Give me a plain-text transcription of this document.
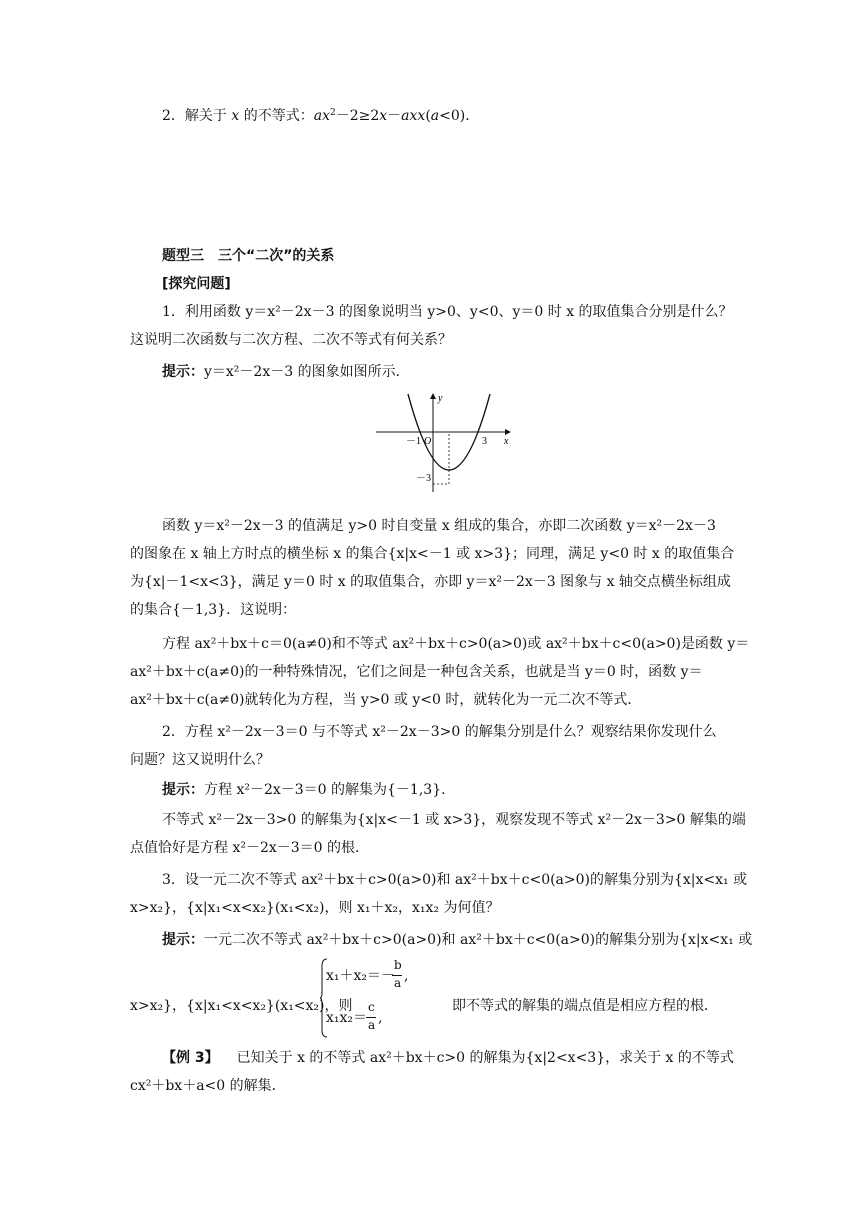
2．解关于 x 的不等式：$ax^2-2\ge 2x-axx(a<0)$．
题型三　三个“二次”的关系
[探究问题]
1．利用函数 y＝x²－2x－3 的图象说明当 y>0、y<0、y＝0 时 x 的取值集合分别是什么？
这说明二次函数与二次方程、二次不等式有何关系？
提示：y＝x²－2x－3 的图象如图所示．
y
x
O
－1	3
－3
函数 y＝x²－2x－3 的值满足 y>0 时自变量 x 组成的集合，亦即二次函数 y＝x²－2x－3
的图象在 x 轴上方时点的横坐标 x 的集合{x|x<－1 或 x>3}；同理，满足 y<0 时 x 的取值集合
为{x|－1<x<3}，满足 y＝0 时 x 的取值集合，亦即 y＝x²－2x－3 图象与 x 轴交点横坐标组成
的集合{－1,3}．这说明：
方程 ax²＋bx＋c＝0(a≠0)和不等式 ax²＋bx＋c>0(a>0)或 ax²＋bx＋c<0(a>0)是函数 y＝
ax²＋bx＋c(a≠0)的一种特殊情况，它们之间是一种包含关系，也就是当 y＝0 时，函数 y＝
ax²＋bx＋c(a≠0)就转化为方程，当 y>0 或 y<0 时，就转化为一元二次不等式．
2．方程 x²－2x－3＝0 与不等式 x²－2x－3>0 的解集分别是什么？观察结果你发现什么
问题？这又说明什么？
提示：方程 x²－2x－3＝0 的解集为{－1,3}．
不等式 x²－2x－3>0 的解集为{x|x<－1 或 x>3}，观察发现不等式 x²－2x－3>0 解集的端
点值恰好是方程 x²－2x－3＝0 的根．
3．设一元二次不等式 ax²＋bx＋c>0(a>0)和 ax²＋bx＋c<0(a>0)的解集分别为{x|x<x₁ 或
x>x₂}，{x|x₁<x<x₂}(x₁<x₂)，则 x₁＋x₂，x₁x₂ 为何值？
提示：一元二次不等式 ax²＋bx＋c>0(a>0)和 ax²＋bx＋c<0(a>0)的解集分别为{x|x<x₁ 或
x>x₂}，{x|x₁<x<x₂}(x₁<x₂)，则
x₁＋x₂＝－
b
a ,
x₁x₂＝
c
a ,
即不等式的解集的端点值是相应方程的根．
【例 3】 已知关于 x 的不等式 ax²＋bx＋c>0 的解集为{x|2<x<3}，求关于 x 的不等式
cx²＋bx＋a<0 的解集．
